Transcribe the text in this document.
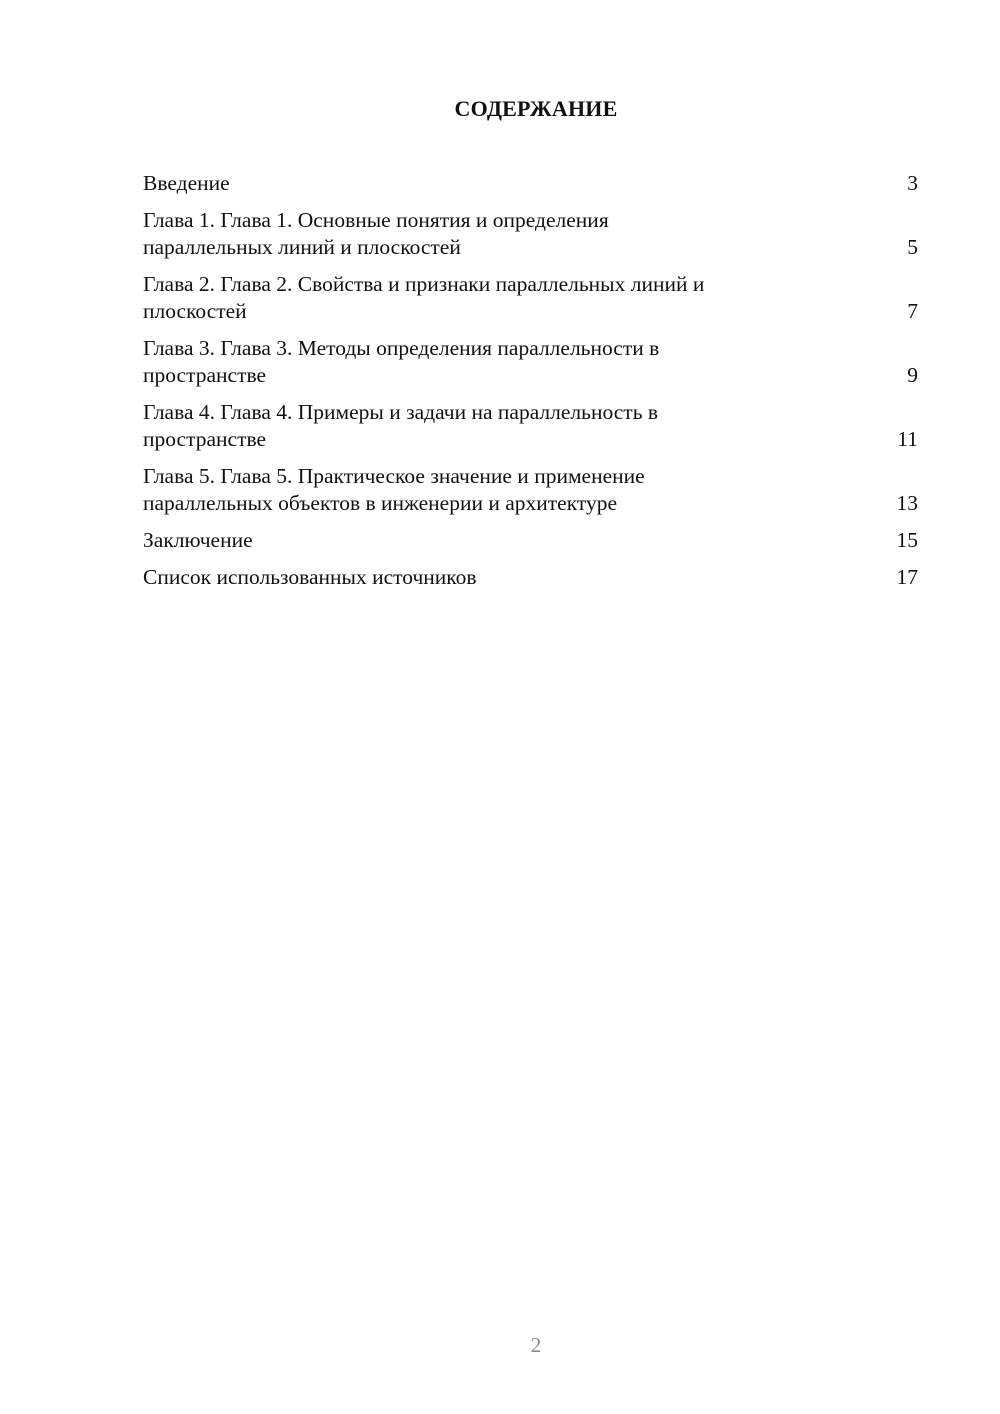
СОДЕРЖАНИЕ
Введение	3
Глава 1. Глава 1. Основные понятия и определения
параллельных линий и плоскостей	5
Глава 2. Глава 2. Свойства и признаки параллельных линий и
плоскостей	7
Глава 3. Глава 3. Методы определения параллельности в
пространстве	9
Глава 4. Глава 4. Примеры и задачи на параллельность в
пространстве	11
Глава 5. Глава 5. Практическое значение и применение
параллельных объектов в инженерии и архитектуре	13
Заключение	15
Список использованных источников	17
2
